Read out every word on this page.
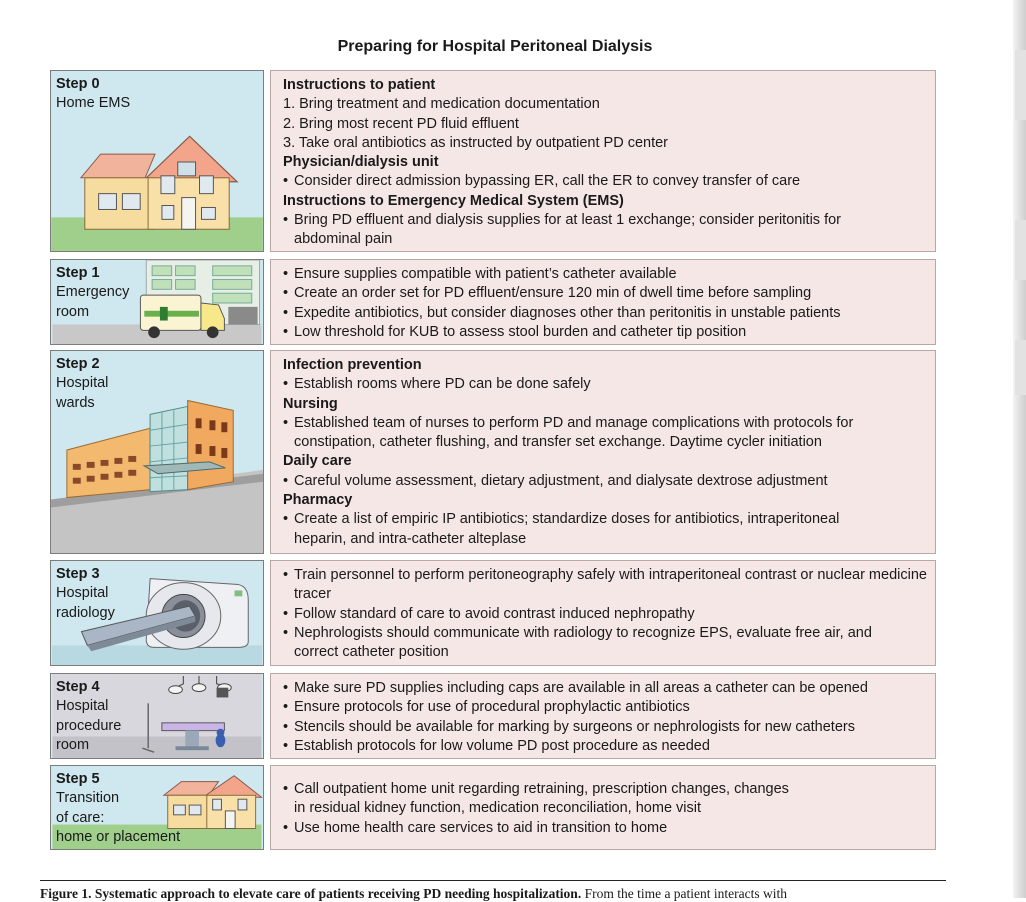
Preparing for Hospital Peritoneal Dialysis
Step 0
Home EMS
Instructions to patient
1. Bring treatment and medication documentation
2. Bring most recent PD fluid effluent
3. Take oral antibiotics as instructed by outpatient PD center
Physician/dialysis unit
• Consider direct admission bypassing ER, call the ER to convey transfer of care
Instructions to Emergency Medical System (EMS)
• Bring PD effluent and dialysis supplies for at least 1 exchange; consider peritonitis for abdominal pain
Step 1
Emergency
room
• Ensure supplies compatible with patient’s catheter available
• Create an order set for PD effluent/ensure 120 min of dwell time before sampling
• Expedite antibiotics, but consider diagnoses other than peritonitis in unstable patients
• Low threshold for KUB to assess stool burden and catheter tip position
Step 2
Hospital
wards
Infection prevention
• Establish rooms where PD can be done safely
Nursing
• Established team of nurses to perform PD and manage complications with protocols for constipation, catheter flushing, and transfer set exchange. Daytime cycler initiation
Daily care
• Careful volume assessment, dietary adjustment, and dialysate dextrose adjustment
Pharmacy
• Create a list of empiric IP antibiotics; standardize doses for antibiotics, intraperitoneal heparin, and intra-catheter alteplase
Step 3
Hospital
radiology
• Train personnel to perform peritoneography safely with intraperitoneal contrast or nuclear medicine tracer
• Follow standard of care to avoid contrast induced nephropathy
• Nephrologists should communicate with radiology to recognize EPS, evaluate free air, and correct catheter position
Step 4
Hospital
procedure
room
• Make sure PD supplies including caps are available in all areas a catheter can be opened
• Ensure protocols for use of procedural prophylactic antibiotics
• Stencils should be available for marking by surgeons or nephrologists for new catheters
• Establish protocols for low volume PD post procedure as needed
Step 5
Transition
of care:
home or placement
• Call outpatient home unit regarding retraining, prescription changes, changes in residual kidney function, medication reconciliation, home visit
• Use home health care services to aid in transition to home
Figure 1. Systematic approach to elevate care of patients receiving PD needing hospitalization. From the time a patient interacts with
